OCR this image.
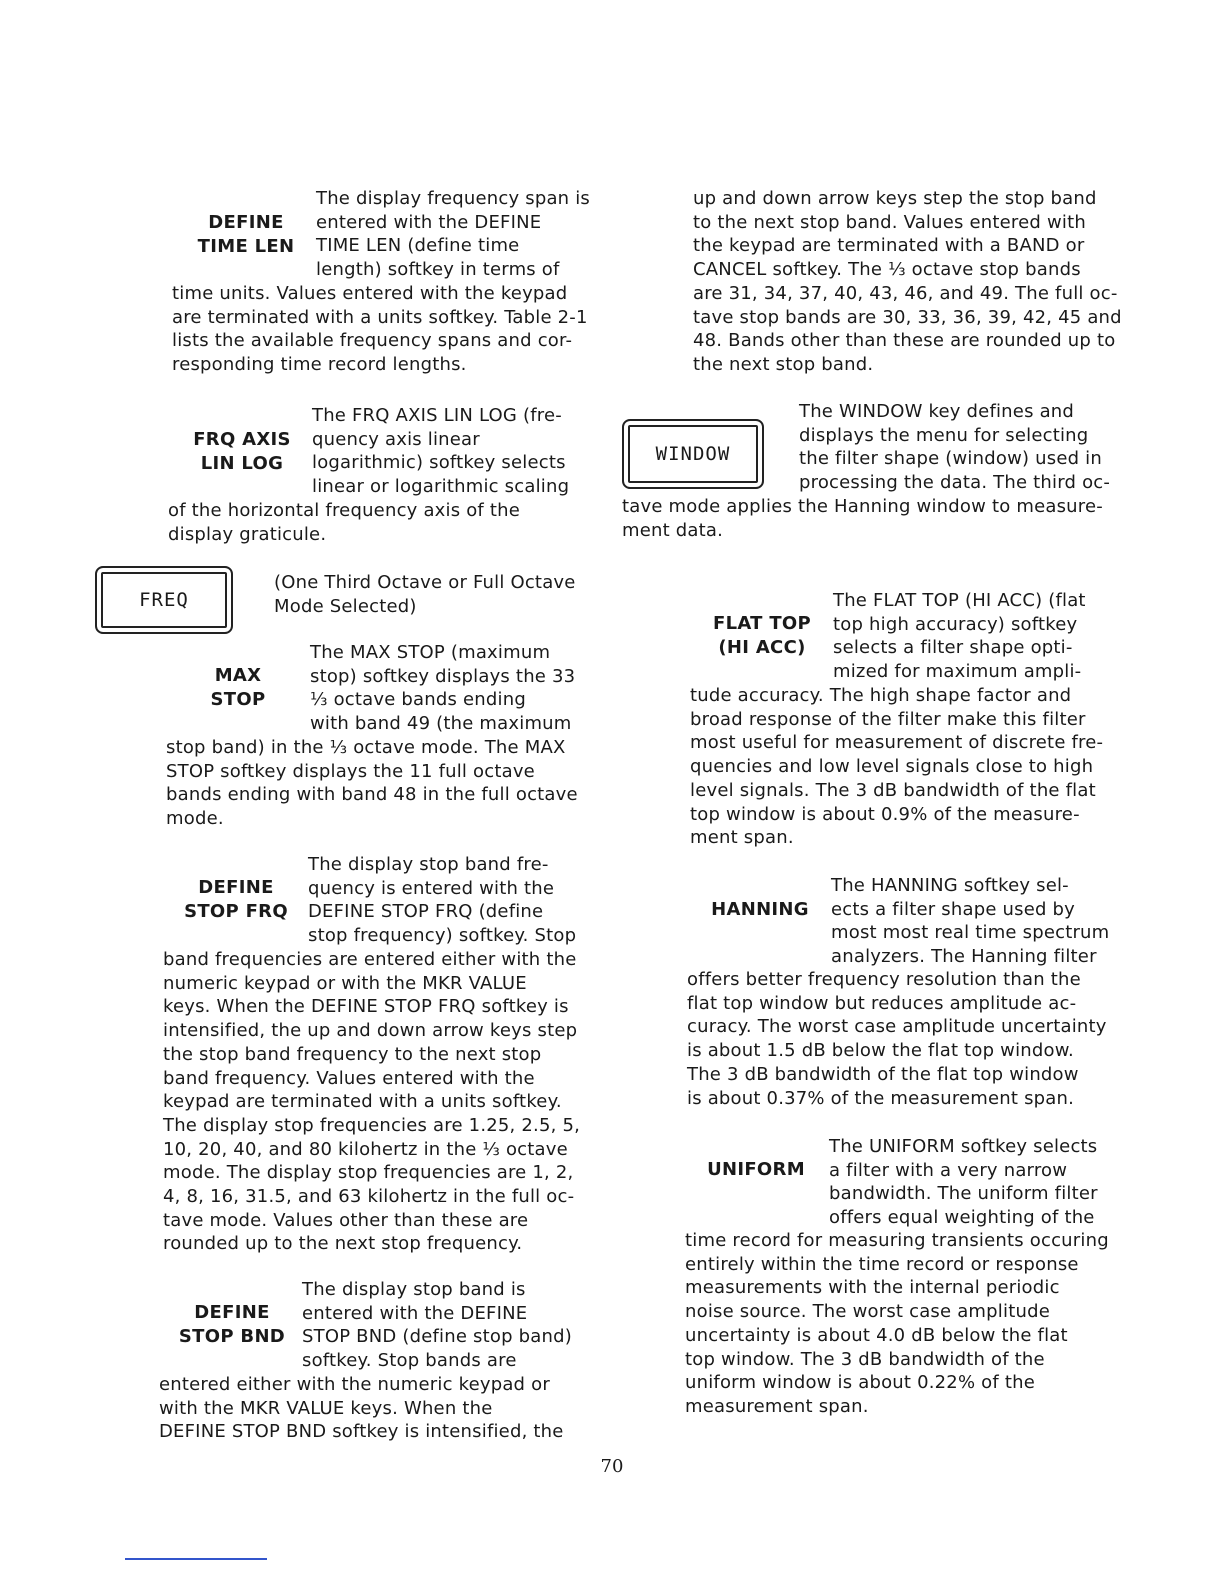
DEFINE
TIME LEN
The display frequency span is
entered with the DEFINE
TIME LEN (define time
length) softkey in terms of
time units. Values entered with the keypad
are terminated with a units softkey. Table 2-1
lists the available frequency spans and cor-
responding time record lengths.
FRQ AXIS
LIN LOG
The FRQ AXIS LIN LOG (fre-
quency axis linear
logarithmic) softkey selects
linear or logarithmic scaling
of the horizontal frequency axis of the
display graticule.
FREQ
(One Third Octave or Full Octave
Mode Selected)
MAX
STOP
The MAX STOP (maximum
stop) softkey displays the 33
⅓ octave bands ending
with band 49 (the maximum
stop band) in the ⅓ octave mode. The MAX
STOP softkey displays the 11 full octave
bands ending with band 48 in the full octave
mode.
DEFINE
STOP FRQ
The display stop band fre-
quency is entered with the
DEFINE STOP FRQ (define
stop frequency) softkey. Stop
band frequencies are entered either with the
numeric keypad or with the MKR VALUE
keys. When the DEFINE STOP FRQ softkey is
intensified, the up and down arrow keys step
the stop band frequency to the next stop
band frequency. Values entered with the
keypad are terminated with a units softkey.
The display stop frequencies are 1.25, 2.5, 5,
10, 20, 40, and 80 kilohertz in the ⅓ octave
mode. The display stop frequencies are 1, 2,
4, 8, 16, 31.5, and 63 kilohertz in the full oc-
tave mode. Values other than these are
rounded up to the next stop frequency.
DEFINE
STOP BND
The display stop band is
entered with the DEFINE
STOP BND (define stop band)
softkey. Stop bands are
entered either with the numeric keypad or
with the MKR VALUE keys. When the
DEFINE STOP BND softkey is intensified, the
up and down arrow keys step the stop band
to the next stop band. Values entered with
the keypad are terminated with a BAND or
CANCEL softkey. The ⅓ octave stop bands
are 31, 34, 37, 40, 43, 46, and 49. The full oc-
tave stop bands are 30, 33, 36, 39, 42, 45 and
48. Bands other than these are rounded up to
the next stop band.
WINDOW
The WINDOW key defines and
displays the menu for selecting
the filter shape (window) used in
processing the data. The third oc-
tave mode applies the Hanning window to measure-
ment data.
FLAT TOP
(HI ACC)
The FLAT TOP (HI ACC) (flat
top high accuracy) softkey
selects a filter shape opti-
mized for maximum ampli-
tude accuracy. The high shape factor and
broad response of the filter make this filter
most useful for measurement of discrete fre-
quencies and low level signals close to high
level signals. The 3 dB bandwidth of the flat
top window is about 0.9% of the measure-
ment span.
HANNING
The HANNING softkey sel-
ects a filter shape used by
most most real time spectrum
analyzers. The Hanning filter
offers better frequency resolution than the
flat top window but reduces amplitude ac-
curacy. The worst case amplitude uncertainty
is about 1.5 dB below the flat top window.
The 3 dB bandwidth of the flat top window
is about 0.37% of the measurement span.
UNIFORM
The UNIFORM softkey selects
a filter with a very narrow
bandwidth. The uniform filter
offers equal weighting of the
time record for measuring transients occuring
entirely within the time record or response
measurements with the internal periodic
noise source. The worst case amplitude
uncertainty is about 4.0 dB below the flat
top window. The 3 dB bandwidth of the
uniform window is about 0.22% of the
measurement span.
70
